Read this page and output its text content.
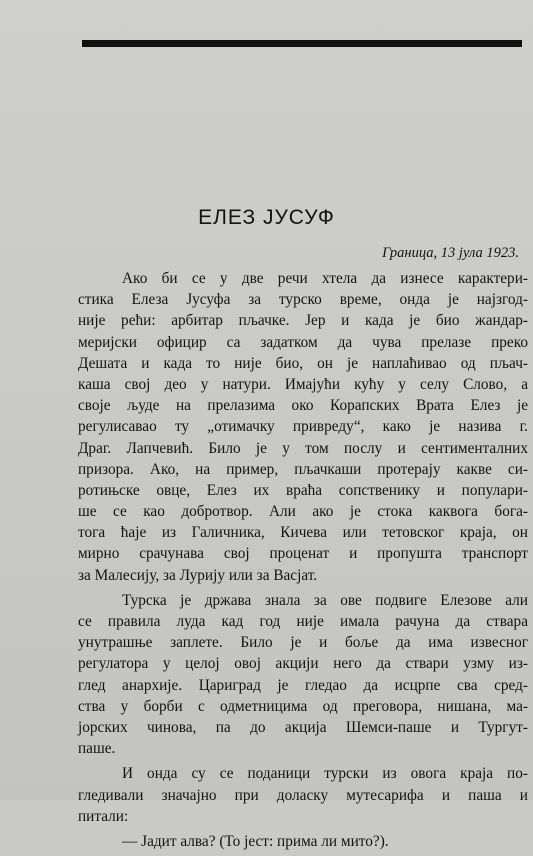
ЕЛЕЗ ЈУСУФ
Граница, 13 јула 1923.
Ако би се у две речи хтела да изнесе карактери-
стика Елеза Јусуфа за турско време, онда је најзгод-
није рећи: арбитар пљачке. Јер и када је био жандар-
меријски официр са задатком да чува прелазе преко
Дешата и када то није био, он је наплаћивао од пљач-
каша свој део у натури. Имајући кућу у селу Слово, а
своје људе на прелазима око Корапских Врата Елез је
регулисавао ту „отимачку привреду“, како је назива г.
Драг. Лапчевић. Било је у том послу и сентименталних
призора. Ако, на пример, пљачкаши протерају какве си-
ротињске овце, Елез их враћа сопственику и популари-
ше се као добротвор. Али ако је стока каквога бога-
тога ћаје из Галичника, Кичева или тетовског краја, он
мирно срачунава свој проценат и пропушта транспорт
за Малесију, за Лурију или за Васјат.
Турска је држава знала за ове подвиге Елезове али
се правила луда кад год није имала рачуна да ствара
унутрашње заплете. Било је и боље да има извесног
регулатора у целој овој акцији него да ствари узму из-
глед анархије. Цариград је гледао да исцрпе сва сред-
ства у борби с одметницима од преговора, нишана, ма-
јорских чинова, па до акција Шемси-паше и Тургут-
паше.
И онда су се поданици турски из овога краја по-
гледивали значајно при доласку мутесарифа и паша и
питали:
— Јадит алва? (То јест: прима ли мито?).
